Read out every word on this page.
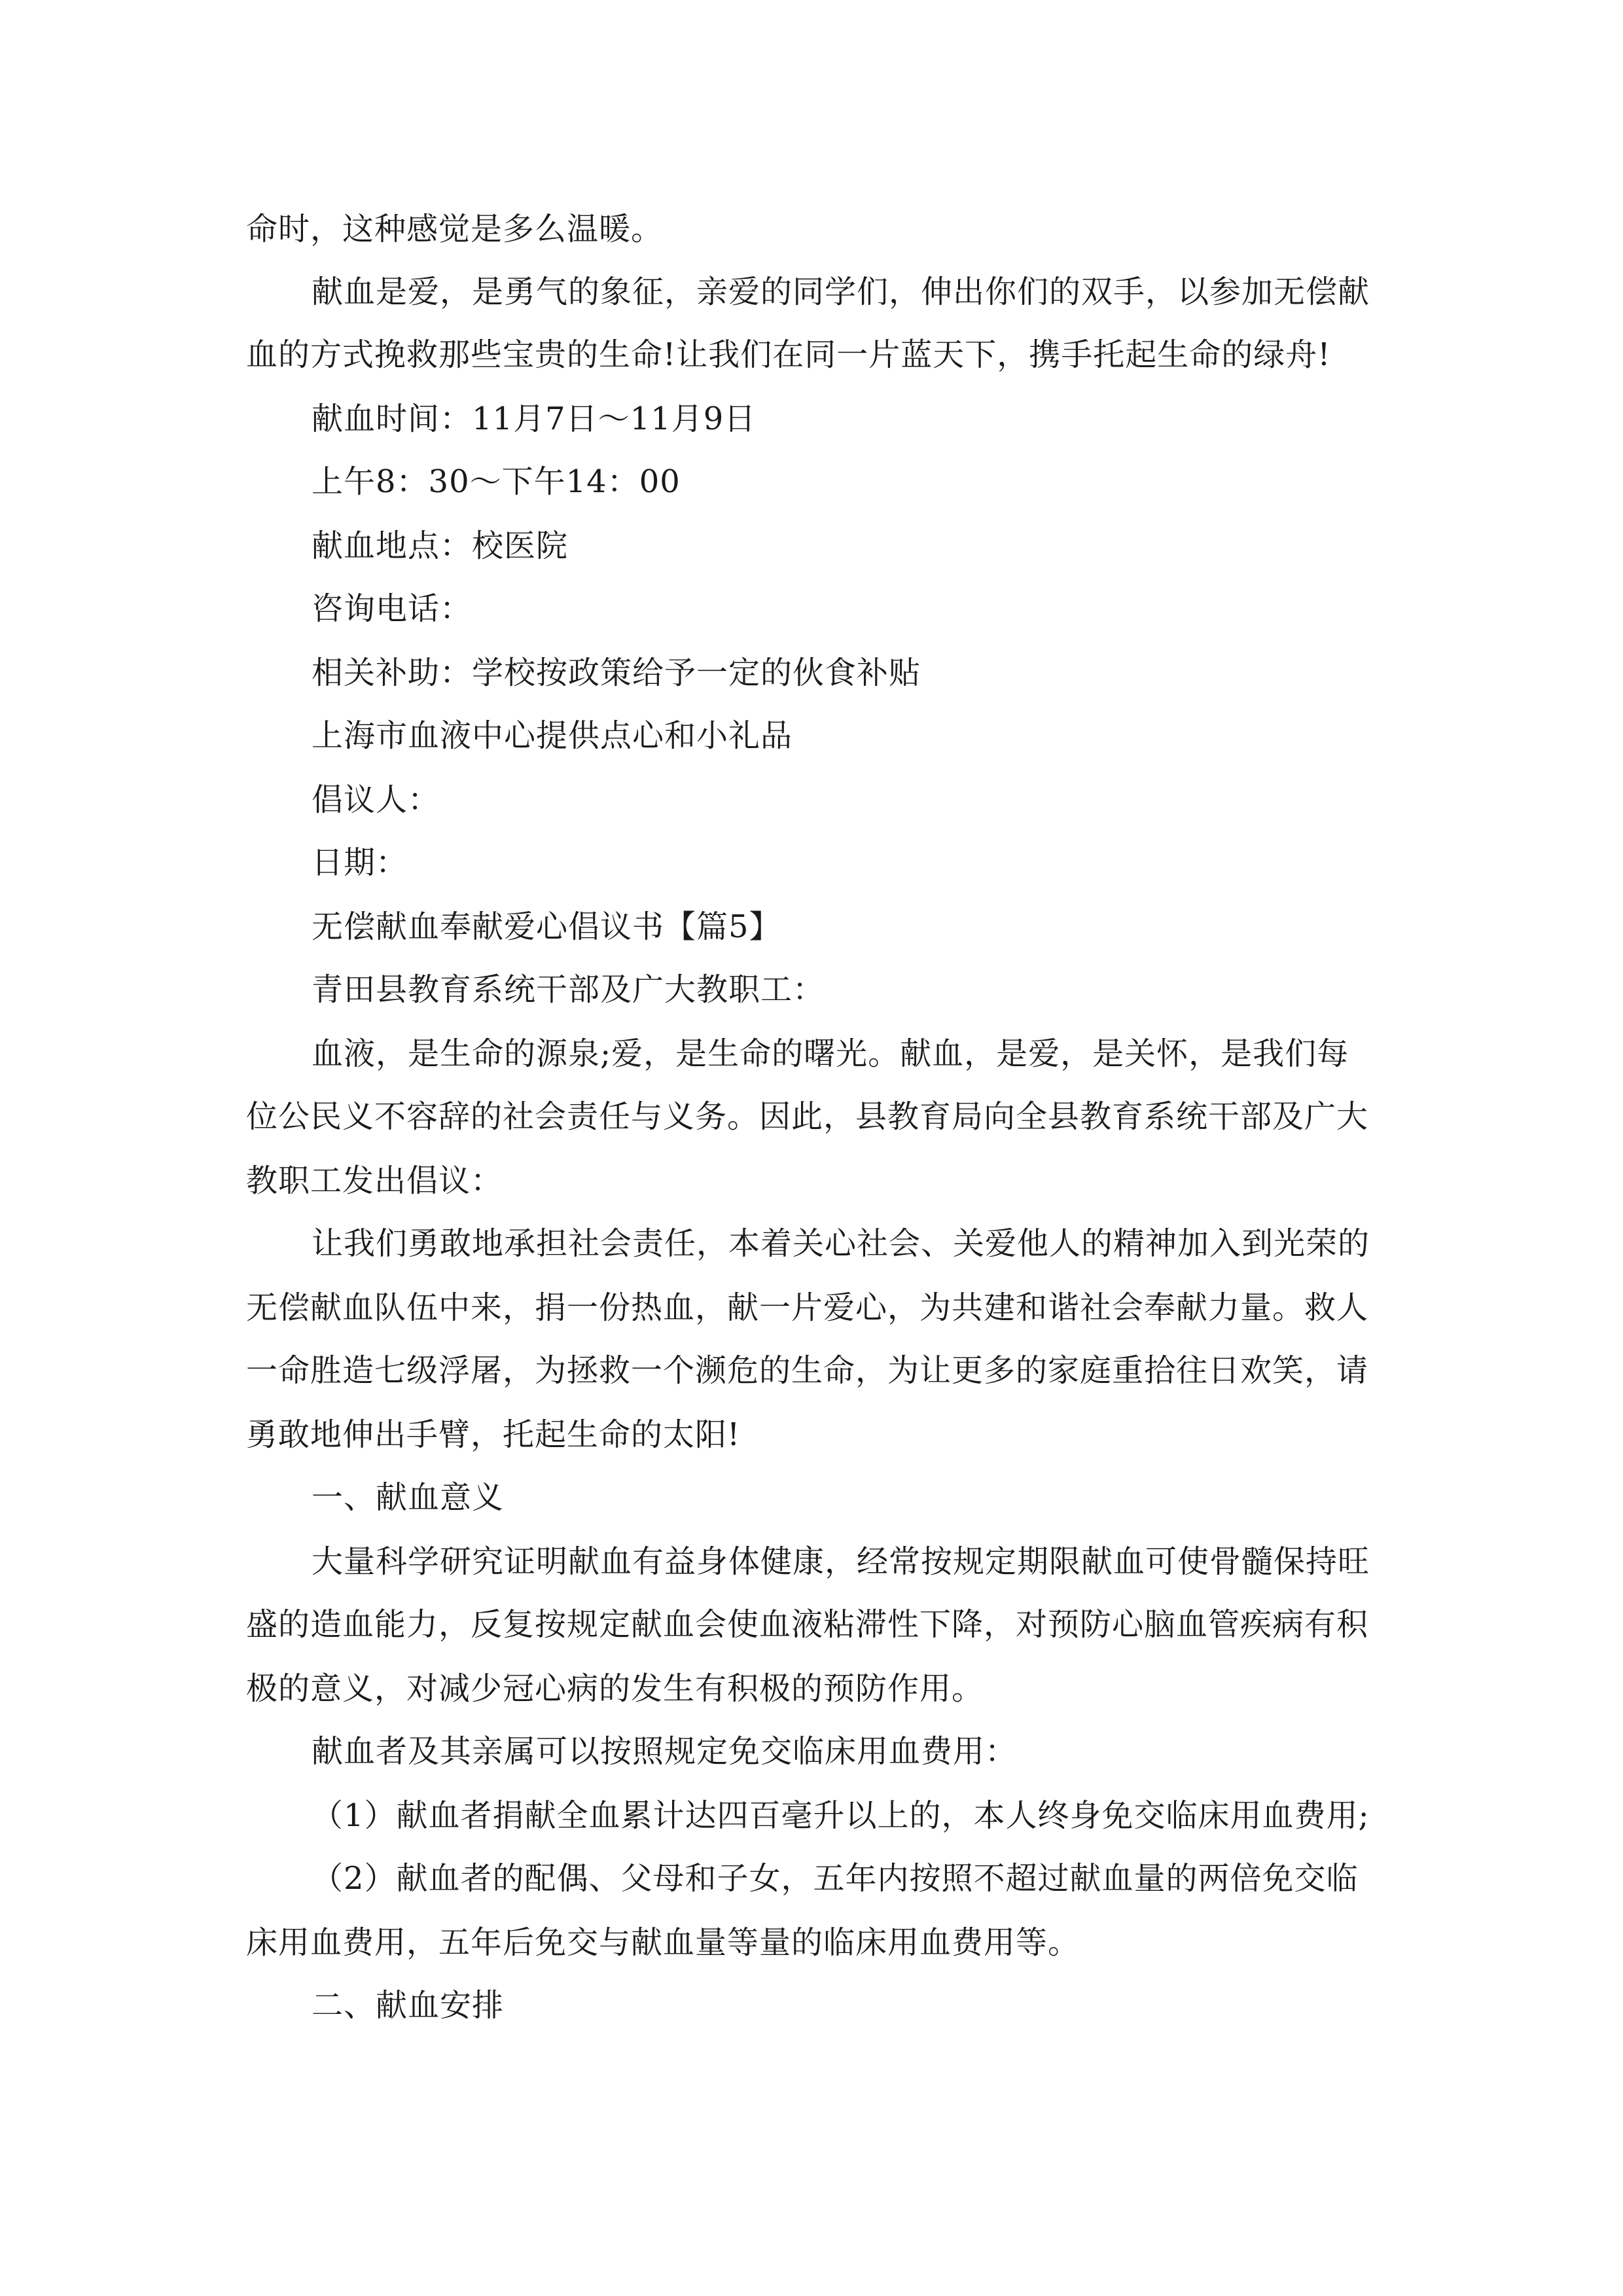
命时，这种感觉是多么温暖。
献血是爱，是勇气的象征，亲爱的同学们，伸出你们的双手，以参加无偿献
血的方式挽救那些宝贵的生命!让我们在同一片蓝天下，携手托起生命的绿舟!
献血时间：11月7日～11月9日
上午8：30～下午14：00
献血地点：校医院
咨询电话：
相关补助：学校按政策给予一定的伙食补贴
上海市血液中心提供点心和小礼品
倡议人：
日期：
无偿献血奉献爱心倡议书【篇5】
青田县教育系统干部及广大教职工：
血液，是生命的源泉;爱，是生命的曙光。献血，是爱，是关怀，是我们每
位公民义不容辞的社会责任与义务。因此，县教育局向全县教育系统干部及广大
教职工发出倡议：
让我们勇敢地承担社会责任，本着关心社会、关爱他人的精神加入到光荣的
无偿献血队伍中来，捐一份热血，献一片爱心，为共建和谐社会奉献力量。救人
一命胜造七级浮屠，为拯救一个濒危的生命，为让更多的家庭重拾往日欢笑，请
勇敢地伸出手臂，托起生命的太阳!
一、献血意义
大量科学研究证明献血有益身体健康，经常按规定期限献血可使骨髓保持旺
盛的造血能力，反复按规定献血会使血液粘滞性下降，对预防心脑血管疾病有积
极的意义，对减少冠心病的发生有积极的预防作用。
献血者及其亲属可以按照规定免交临床用血费用：
（1）献血者捐献全血累计达四百毫升以上的，本人终身免交临床用血费用;
（2）献血者的配偶、父母和子女，五年内按照不超过献血量的两倍免交临
床用血费用，五年后免交与献血量等量的临床用血费用等。
二、献血安排
